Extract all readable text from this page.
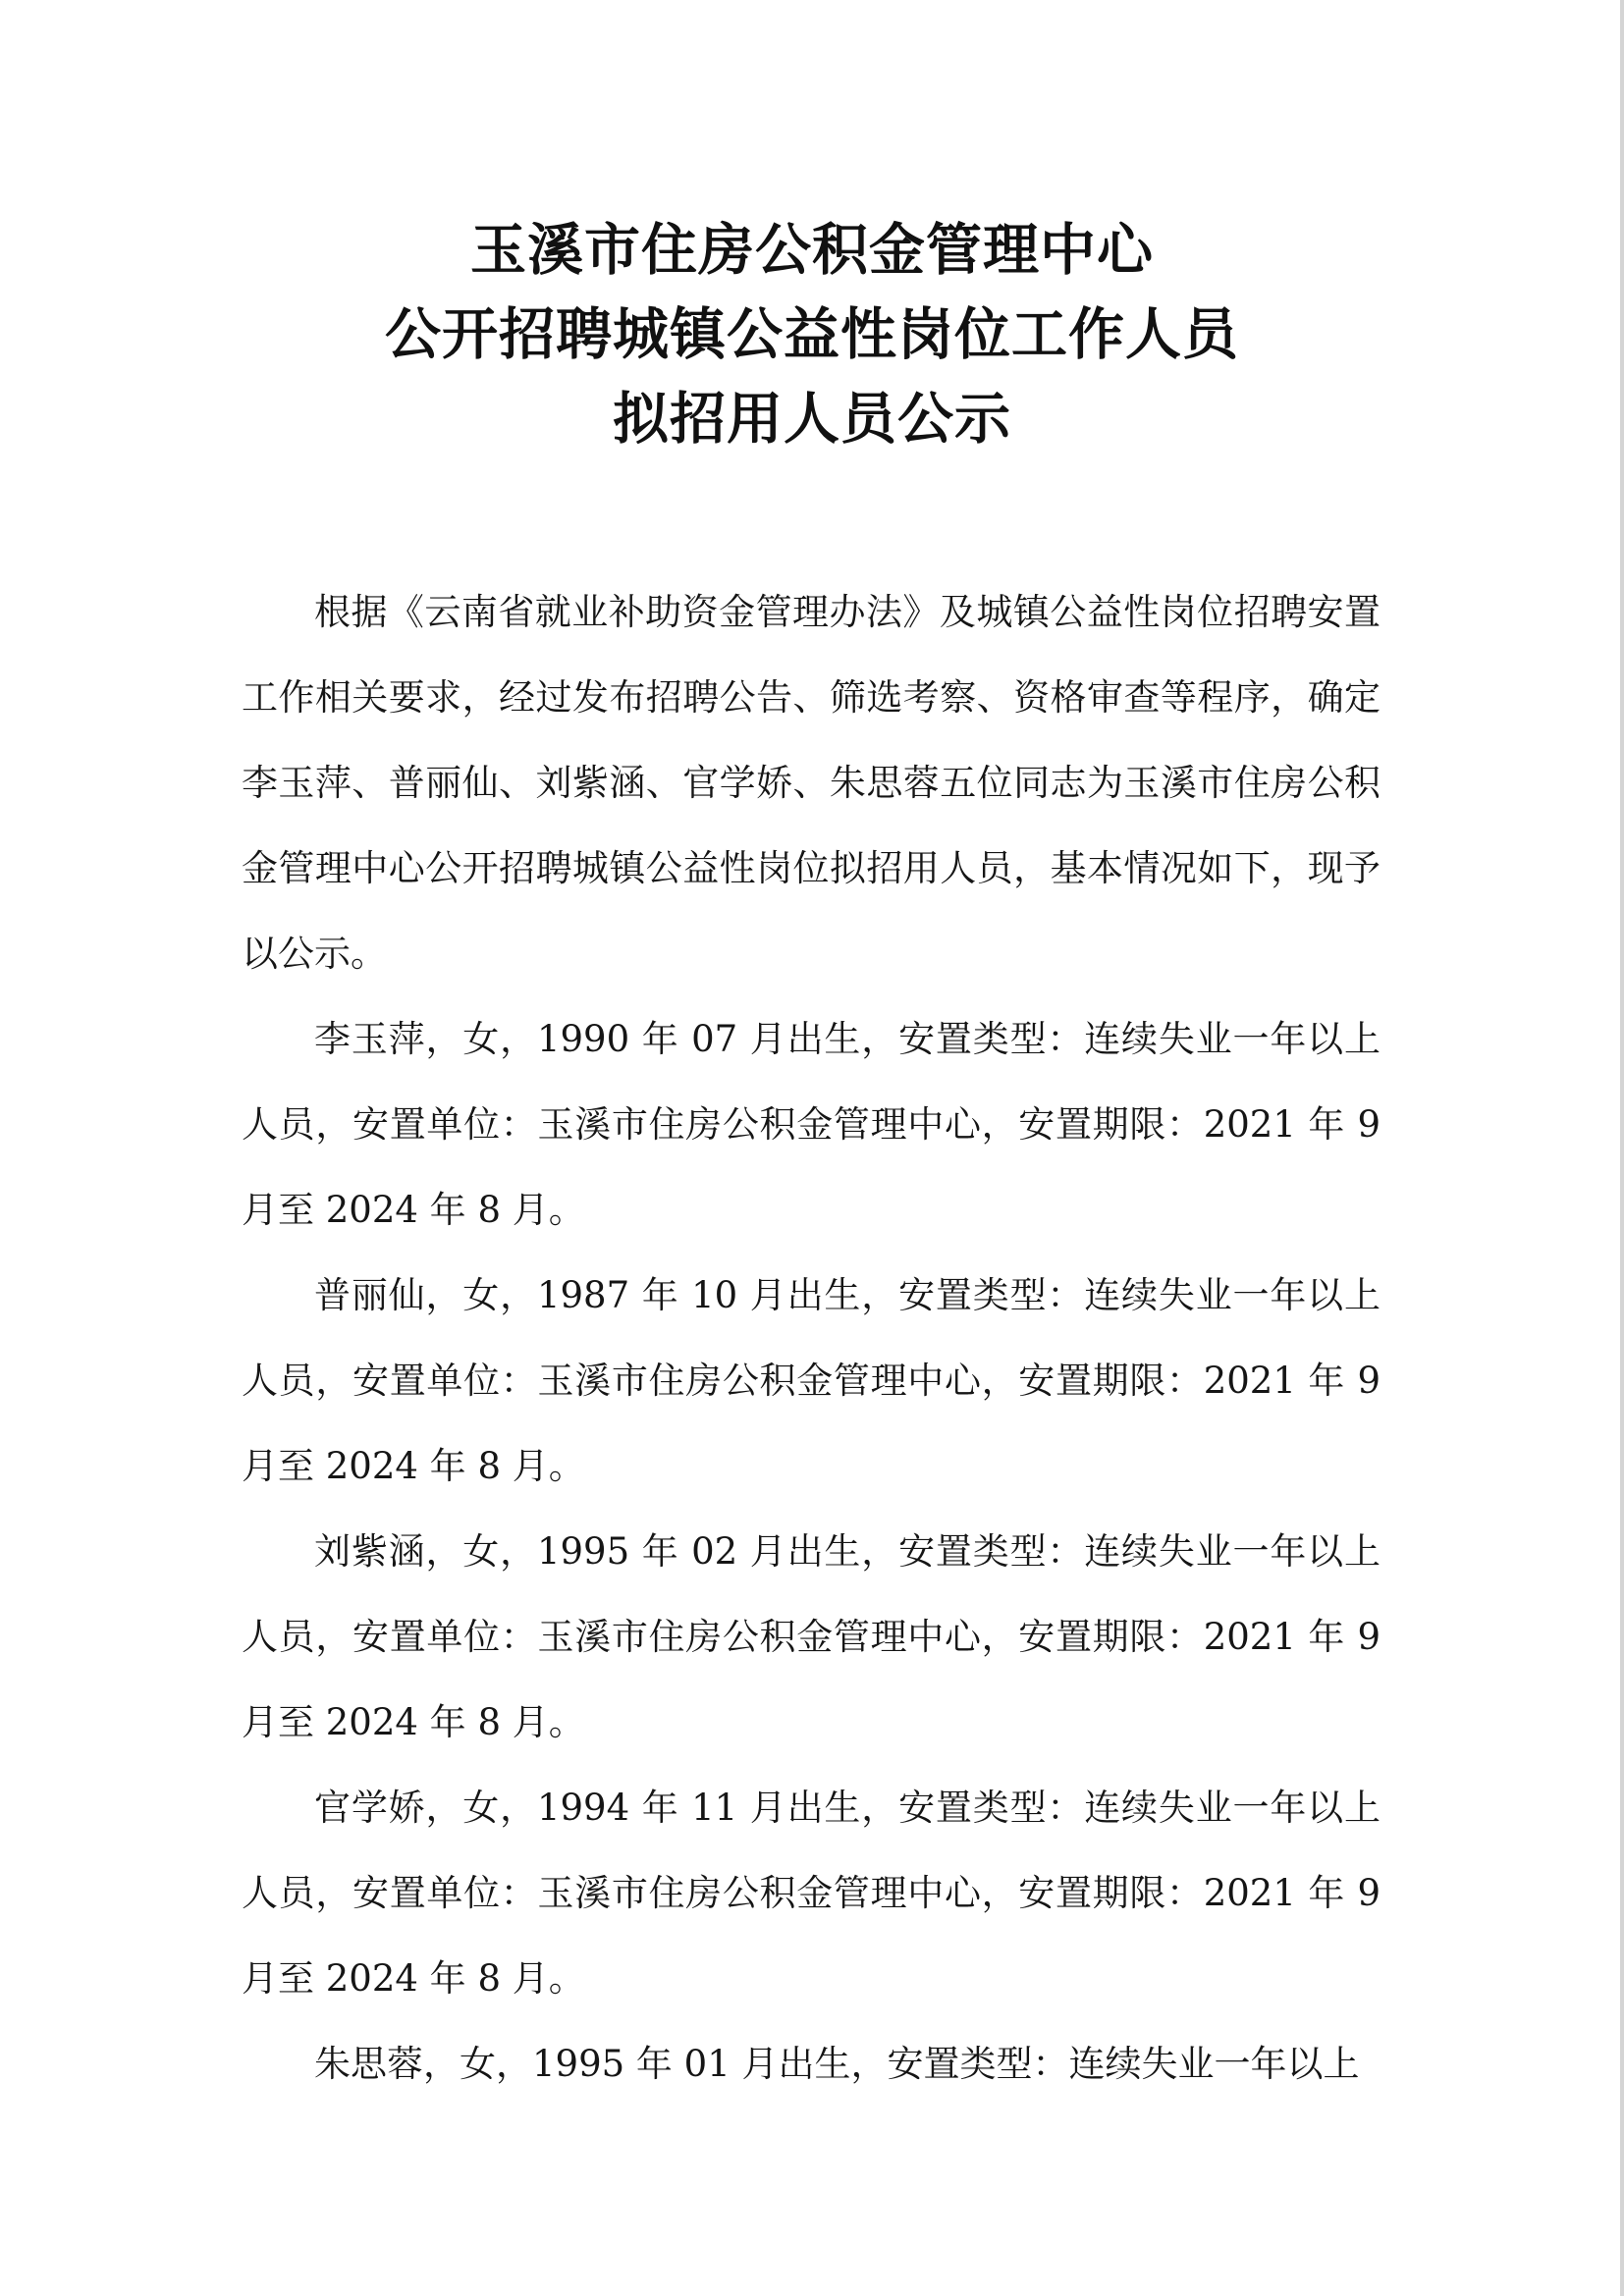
玉溪市住房公积金管理中心
公开招聘城镇公益性岗位工作人员
拟招用人员公示

根据《云南省就业补助资金管理办法》及城镇公益性岗位招聘安置工作相关要求，经过发布招聘公告、筛选考察、资格审查等程序，确定李玉萍、普丽仙、刘紫涵、官学娇、朱思蓉五位同志为玉溪市住房公积金管理中心公开招聘城镇公益性岗位拟招用人员，基本情况如下，现予以公示。

李玉萍，女，1990 年 07 月出生，安置类型：连续失业一年以上人员，安置单位：玉溪市住房公积金管理中心，安置期限：2021 年 9 月至 2024 年 8 月。

普丽仙，女，1987 年 10 月出生，安置类型：连续失业一年以上人员，安置单位：玉溪市住房公积金管理中心，安置期限：2021 年 9 月至 2024 年 8 月。

刘紫涵，女，1995 年 02 月出生，安置类型：连续失业一年以上人员，安置单位：玉溪市住房公积金管理中心，安置期限：2021 年 9 月至 2024 年 8 月。

官学娇，女，1994 年 11 月出生，安置类型：连续失业一年以上人员，安置单位：玉溪市住房公积金管理中心，安置期限：2021 年 9 月至 2024 年 8 月。

朱思蓉，女，1995 年 01 月出生，安置类型：连续失业一年以上
